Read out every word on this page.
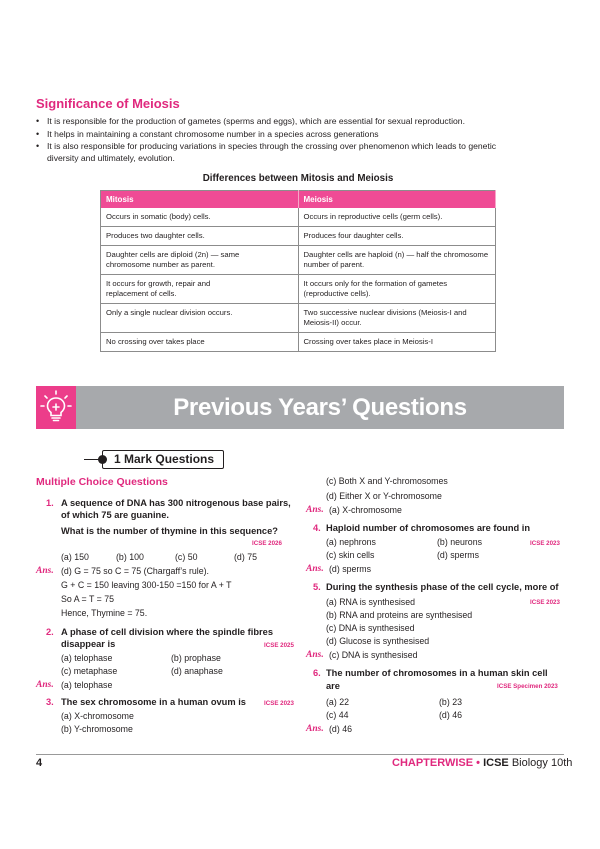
Significance of Meiosis
• It is responsible for the production of gametes (sperms and eggs), which are essential for sexual reproduction.
• It helps in maintaining a constant chromosome number in a species across generations
• It is also responsible for producing variations in species through the crossing over phenomenon which leads to genetic
diversity and ultimately, evolution.
Differences between Mitosis and Meiosis
Mitosis	Meiosis
Occurs in somatic (body) cells.	Occurs in reproductive cells (germ cells).
Produces two daughter cells.	Produces four daughter cells.
Daughter cells are diploid (2n) — same
chromosome number as parent.	Daughter cells are haploid (n) — half the chromosome
number of parent.
It occurs for growth, repair and
replacement of cells.	It occurs only for the formation of gametes
(reproductive cells).
Only a single nuclear division occurs.	Two successive nuclear divisions (Meiosis-I and
Meiosis-II) occur.
No crossing over takes place	Crossing over takes place in Meiosis-I
Previous Years’ Questions
1 Mark Questions
Multiple Choice Questions
1. A sequence of DNA has 300 nitrogenous base pairs,
of which 75 are guanine.
What is the number of thymine in this sequence?
ICSE 2026
(a) 150	(b) 100	(c) 50	(d) 75
Ans. (d) G = 75 so C = 75 (Chargaff’s rule).
G + C = 150 leaving 300-150 =150 for A + T
So A = T = 75
Hence, Thymine = 75.
2. A phase of cell division where the spindle fibres
disappear is	ICSE 2025
(a) telophase	(b) prophase
(c) metaphase	(d) anaphase
Ans. (a) telophase
3. The sex chromosome in a human ovum is	ICSE 2023
(a) X-chromosome
(b) Y-chromosome
(c) Both X and Y-chromosomes
(d) Either X or Y-chromosome
Ans. (a) X-chromosome
4. Haploid number of chromosomes are found in
(a) nephrons	ICSE 2023
(b) neurons
(c) skin cells	(d) sperms
Ans. (d) sperms
5. During the synthesis phase of the cell cycle, more of
(a) RNA is synthesised	ICSE 2023
(b) RNA and proteins are synthesised
(c) DNA is synthesised
(d) Glucose is synthesised
Ans. (c) DNA is synthesised
6. The number of chromosomes in a human skin cell
are	ICSE Specimen 2023
(a) 22	(b) 23
(c) 44	(d) 46
Ans. (d) 46
4	CHAPTERWISE • ICSE Biology 10th
